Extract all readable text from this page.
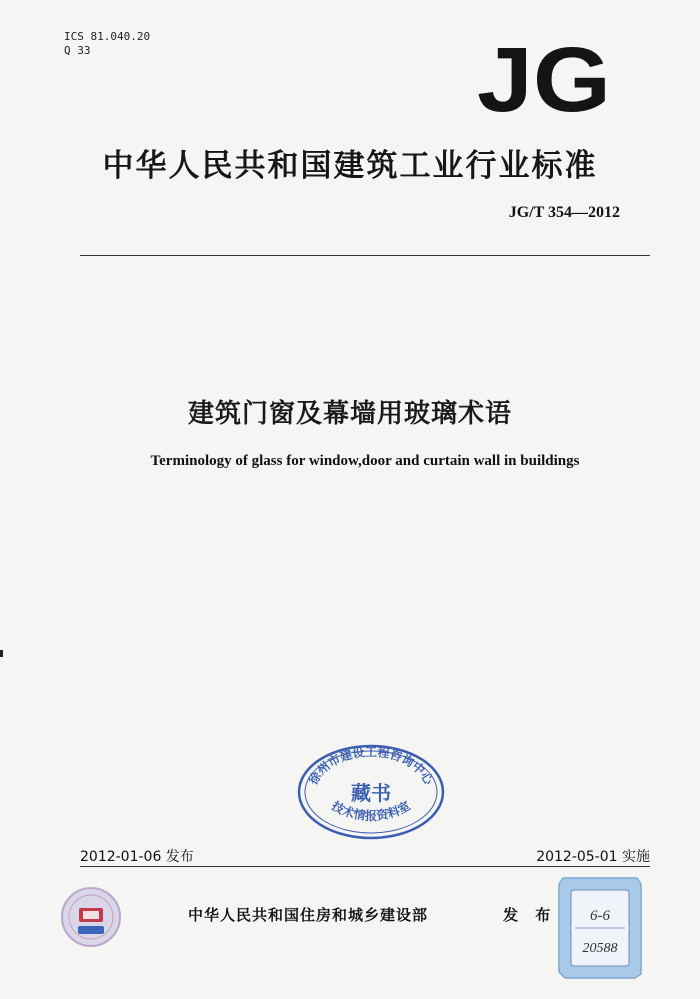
ICS 81.040.20
Q 33	JG
中华人民共和国建筑工业行业标准
JG/T 354—2012
建筑门窗及幕墙用玻璃术语
Terminology of glass for window,door and curtain wall in buildings
徐州市建设工程咨询中心
藏书
技术情报资料室
2012-01-06 发布	2012-05-01 实施
中华人民共和国住房和城乡建设部	发 布 6-6
20588
